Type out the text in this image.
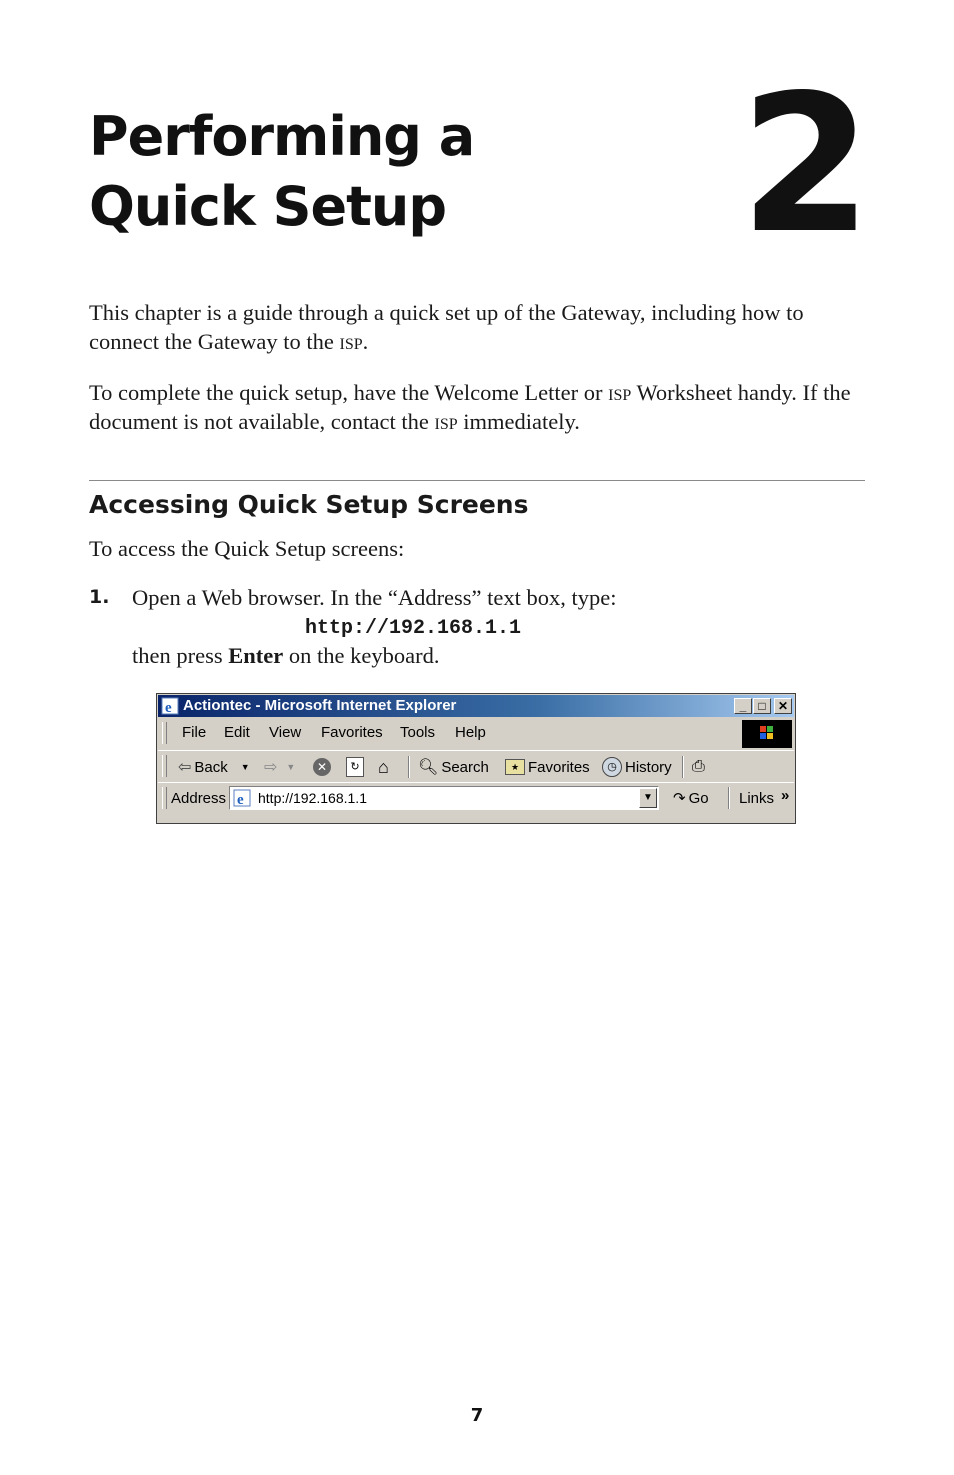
Performing a
Quick Setup 2

This chapter is a guide through a quick set up of the Gateway, including how to connect the Gateway to the isp.

To complete the quick setup, have the Welcome Letter or isp Worksheet handy. If the document is not available, contact the isp immediately.

Accessing Quick Setup Screens

To access the Quick Setup screens:

1. Open a Web browser. In the “Address” text box, type:
http://192.168.1.1
then press Enter on the keyboard.
e Actiontec - Microsoft Internet Explorer	_	□	✕
File Edit View Favorites Tools Help
⇦ Back ▼ ⇨ ▼	✕	↻ ⌂ 🔍︎ Search	★ Favorites	◷ History ⎙
Address e http://192.168.1.1	▼ ↷ Go Links »
7
